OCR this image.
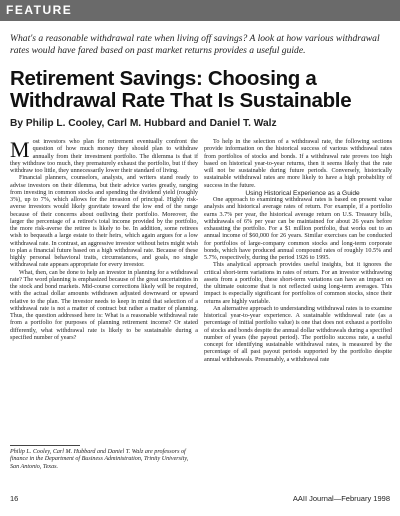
FEATURE
What's a reasonable withdrawal rate when living off savings? A look at how various withdrawal rates would have fared based on past market returns provides a useful guide.
Retirement Savings: Choosing a Withdrawal Rate That Is Sustainable
By Philip L. Cooley, Carl M. Hubbard and Daniel T. Walz

Most investors who plan for retirement eventually confront the question of how much money they should plan to withdraw annually from their investment portfolio. The dilemma is that if they withdraw too much, they prematurely exhaust the portfolio, but if they withdraw too little, they unnecessarily lower their standard of living.

Financial planners, counselors, analysts, and writers stand ready to advise investors on their dilemma, but their advice varies greatly, ranging from investing in common stocks and spending the dividend yield (roughly 3%), up to 7%, which allows for the invasion of principal. Highly risk-averse investors would likely gravitate toward the low end of the range because of their concerns about outliving their portfolio. Moreover, the larger the percentage of a retiree's total income provided by the portfolio, the more risk-averse the retiree is likely to be. In addition, some retirees wish to bequeath a large estate to their heirs, which again argues for a low withdrawal rate. In contrast, an aggressive investor without heirs might wish to plan a financial future based on a high withdrawal rate. Because of these highly personal behavioral traits, circumstances, and goals, no single withdrawal rate appears appropriate for every investor.

What, then, can be done to help an investor in planning for a withdrawal rate? The word planning is emphasized because of the great uncertainties in the stock and bond markets. Mid-course corrections likely will be required, with the actual dollar amounts withdrawn adjusted downward or upward relative to the plan. The investor needs to keep in mind that selection of a withdrawal rate is not a matter of contract but rather a matter of planning. Thus, the question addressed here is: What is a reasonable withdrawal rate from a portfolio for purposes of planning retirement income? Or stated differently, what withdrawal rate is likely to be sustainable during a specified number of years?

To help in the selection of a withdrawal rate, the following sections provide information on the historical success of various withdrawal rates from portfolios of stocks and bonds. If a withdrawal rate proves too high based on historical year-to-year returns, then it seems likely that the rate will not be sustainable during future periods. Conversely, historically sustainable withdrawal rates are more likely to have a high probability of success in the future.

Using Historical Experience as a Guide

One approach to examining withdrawal rates is based on present value analysis and historical average rates of return. For example, if a portfolio earns 3.7% per year, the historical average return on U.S. Treasury bills, withdrawals of 6% per year can be maintained for about 26 years before exhausting the portfolio. For a $1 million portfolio, that works out to an annual income of $60,000 for 26 years. Similar exercises can be conducted for portfolios of large-company common stocks and long-term corporate bonds, which have produced annual compound rates of roughly 10.5% and 5.7%, respectively, during the period 1926 to 1995.

This analytical approach provides useful insights, but it ignores the critical short-term variations in rates of return. For an investor withdrawing assets from a portfolio, these short-term variations can have an impact on the ultimate outcome that is not reflected using long-term averages. This impact is especially significant for portfolios of common stocks, since their returns are highly variable.

An alternative approach to understanding withdrawal rates is to examine historical year-to-year experience. A sustainable withdrawal rate (as a percentage of initial portfolio value) is one that does not exhaust a portfolio of stocks and bonds despite the annual dollar withdrawals during a specified number of years (the payout period). The portfolio success rate, a useful concept for identifying sustainable withdrawal rates, is measured by the percentage of all past payout periods supported by the portfolio despite annual withdrawals. Presumably, a withdrawal rate

Philip L. Cooley, Carl M. Hubbard and Daniel T. Walz are professors of finance in the Department of Business Administration, Trinity University, San Antonio, Texas.
16	AAII Journal—February 1998
